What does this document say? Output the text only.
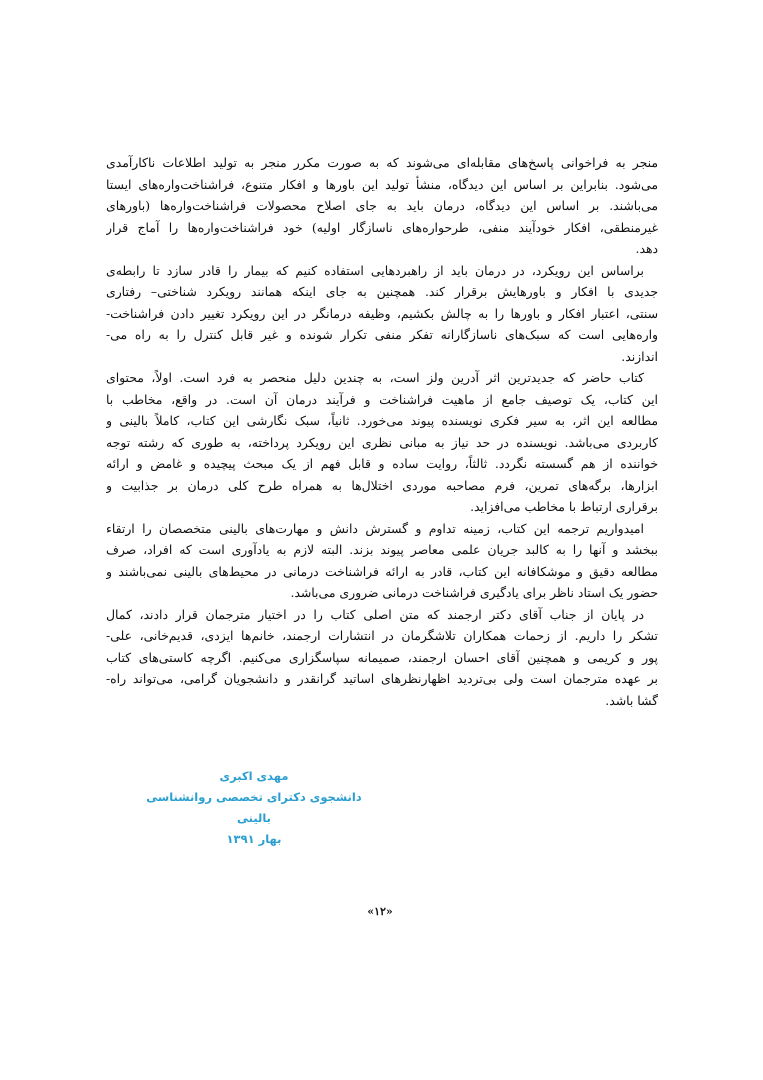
منجر به فراخوانی پاسخ‌های مقابله‌ای می‌شوند که به صورت مکرر منجر به تولید اطلاعات ناکارآمدی
می‌شود. بنابراین بر اساس این دیدگاه، منشأ تولید این باورها و افکار متنوع، فراشناخت‌واره‌های ایستا
می‌باشند. بر اساس این دیدگاه، درمان باید به جای اصلاح محصولات فراشناخت‌واره‌ها (باورهای
غیرمنطقی، افکار خودآیند منفی، طرحواره‌های ناسازگار اولیه) خود فراشناخت‌واره‌ها را آماج قرار
دهد.
براساس این رویکرد، در درمان باید از راهبردهایی استفاده کنیم که بیمار را قادر سازد تا رابطه‌ی
جدیدی با افکار و باورهایش برقرار کند. همچنین به جای اینکه همانند رویکرد شناختی– رفتاری
سنتی، اعتبار افکار و باورها را به چالش بکشیم، وظیفه درمانگر در این رویکرد تغییر دادن فراشناخت-
واره‌هایی است که سبک‌های ناسازگارانه تفکر منفی تکرار شونده و غیر قابل کنترل را به راه می-
اندازند.
کتاب حاضر که جدیدترین اثر آدرین ولز است، به چندین دلیل منحصر به فرد است. اولاً، محتوای
این کتاب، یک توصیف جامع از ماهیت فراشناخت و فرآیند درمان آن است. در واقع، مخاطب با
مطالعه این اثر، به سیر فکری نویسنده پیوند می‌خورد. ثانیاً، سبک نگارشی این کتاب، کاملاً بالینی و
کاربردی می‌باشد. نویسنده در حد نیاز به مبانی نظری این رویکرد پرداخته، به طوری که رشته توجه
خواننده از هم گسسته نگردد. ثالثاً، روایت ساده و قابل فهم از یک مبحث پیچیده و غامض و ارائه
ابزارها، برگه‌های تمرین، فرم مصاحبه موردی اختلال‌ها به همراه طرح کلی درمان بر جذابیت و
برقراری ارتباط با مخاطب می‌افزاید.
امیدواریم ترجمه این کتاب، زمینه تداوم و گسترش دانش و مهارت‌های بالینی متخصصان را ارتقاء
ببخشد و آنها را به کالبد جریان علمی معاصر پیوند بزند. البته لازم به یادآوری است که افراد، صرف
مطالعه دقیق و موشکافانه این کتاب، قادر به ارائه فراشناخت درمانی در محیط‌های بالینی نمی‌باشند و
حضور یک استاد ناظر برای یادگیری فراشناخت درمانی ضروری می‌باشد.
در پایان از جناب آقای دکتر ارجمند که متن اصلی کتاب را در اختیار مترجمان قرار دادند، کمال
تشکر را داریم. از زحمات همکاران تلاشگرمان در انتشارات ارجمند، خانم‌ها ایزدی، قدیم‌خانی، علی-
پور و کریمی و همچنین آقای احسان ارجمند، صمیمانه سپاسگزاری می‌کنیم. اگرچه کاستی‌های کتاب
بر عهده مترجمان است ولی بی‌تردید اظهارنظرهای اساتید گرانقدر و دانشجویان گرامی، می‌تواند راه-
گشا باشد.
مهدی اکبری
دانشجوی دکترای تخصصی روانشناسی بالینی
بهار ۱۳۹۱
«۱۲»
